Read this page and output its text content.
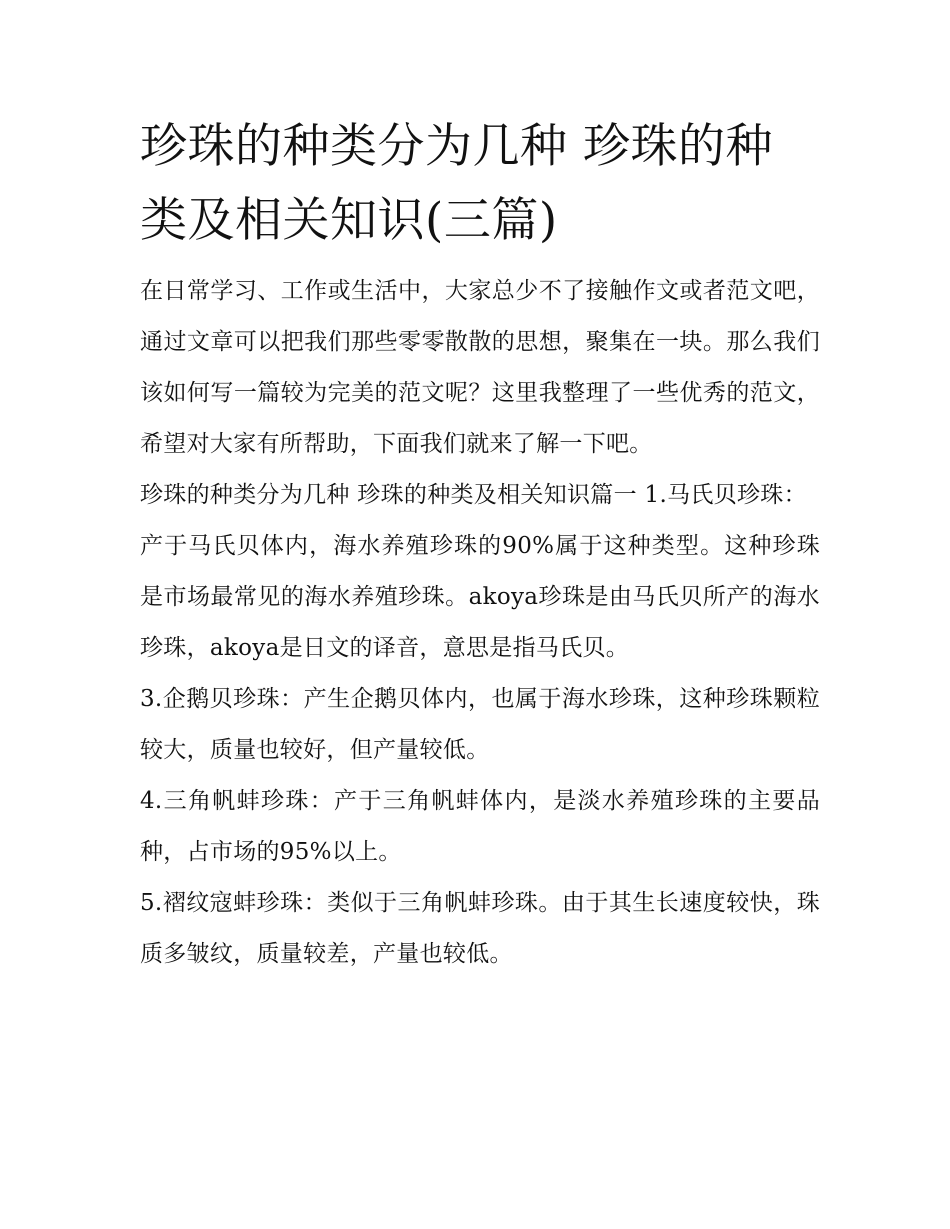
珍珠的种类分为几种 珍珠的种类及相关知识(三篇)

在日常学习、工作或生活中，大家总少不了接触作文或者范文吧，通过文章可以把我们那些零零散散的思想，聚集在一块。那么我们该如何写一篇较为完美的范文呢？这里我整理了一些优秀的范文，希望对大家有所帮助，下面我们就来了解一下吧。

珍珠的种类分为几种 珍珠的种类及相关知识篇一 1.马氏贝珍珠：

产于马氏贝体内，海水养殖珍珠的90%属于这种类型。这种珍珠是市场最常见的海水养殖珍珠。akoya珍珠是由马氏贝所产的海水珍珠，akoya是日文的译音，意思是指马氏贝。

3.企鹅贝珍珠：产生企鹅贝体内，也属于海水珍珠，这种珍珠颗粒较大，质量也较好，但产量较低。

4.三角帆蚌珍珠：产于三角帆蚌体内，是淡水养殖珍珠的主要品种，占市场的95%以上。

5.褶纹寇蚌珍珠：类似于三角帆蚌珍珠。由于其生长速度较快，珠质多皱纹，质量较差，产量也较低。
